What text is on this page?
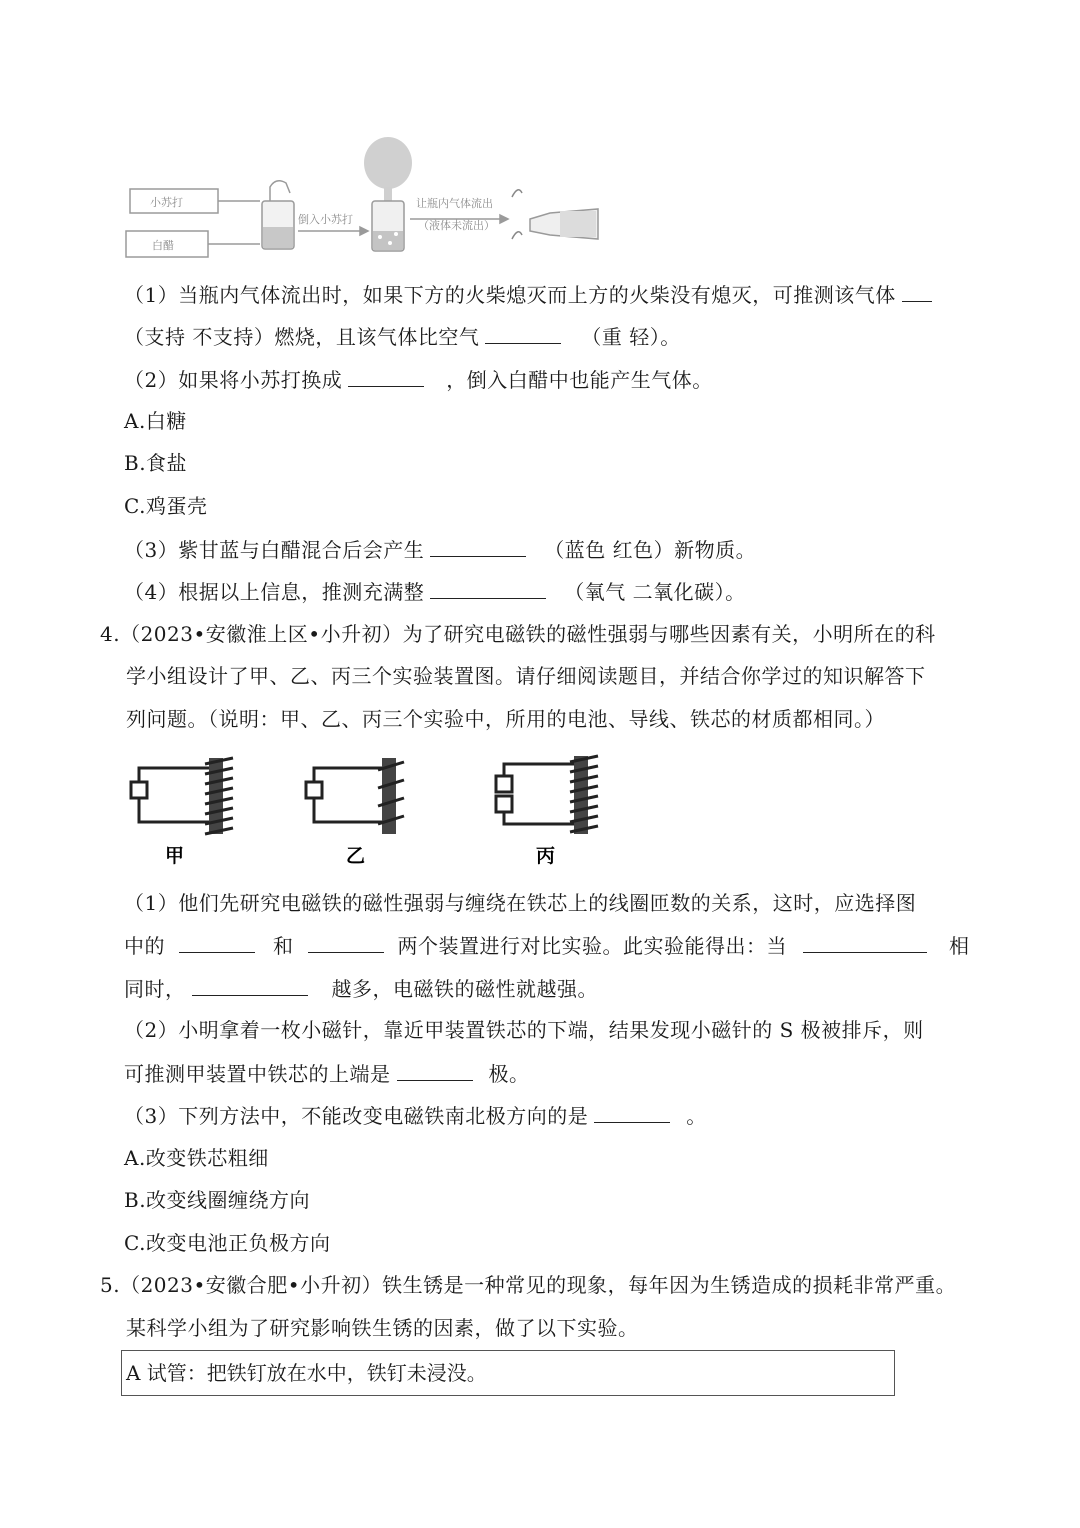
小苏打
白醋
倒入小苏打
让瓶内气体流出
（液体未流出）
（1）当瓶内气体流出时，如果下方的火柴熄灭而上方的火柴没有熄灭，可推测该气体
（支持 不支持）燃烧，且该气体比空气	（重 轻）。
（2）如果将小苏打换成	，倒入白醋中也能产生气体。
A.白糖
B.食盐
C.鸡蛋壳
（3）紫甘蓝与白醋混合后会产生	（蓝色 红色）新物质。
（4）根据以上信息，推测充满整	（氧气 二氧化碳）。
4.（2023•安徽淮上区•小升初）为了研究电磁铁的磁性强弱与哪些因素有关，小明所在的科
学小组设计了甲、乙、丙三个实验装置图。请仔细阅读题目，并结合你学过的知识解答下
列问题。（说明：甲、乙、丙三个实验中，所用的电池、导线、铁芯的材质都相同。）
甲	乙	丙
（1）他们先研究电磁铁的磁性强弱与缠绕在铁芯上的线圈匝数的关系，这时，应选择图
中的	和	两个装置进行对比实验。此实验能得出：当	相
同时，	越多，电磁铁的磁性就越强。
（2）小明拿着一枚小磁针，靠近甲装置铁芯的下端，结果发现小磁针的 S 极被排斥，则
可推测甲装置中铁芯的上端是	极。
（3）下列方法中，不能改变电磁铁南北极方向的是	。
A.改变铁芯粗细
B.改变线圈缠绕方向
C.改变电池正负极方向
5.（2023•安徽合肥•小升初）铁生锈是一种常见的现象，每年因为生锈造成的损耗非常严重。
某科学小组为了研究影响铁生锈的因素，做了以下实验。
A 试管：把铁钉放在水中，铁钉未浸没。
